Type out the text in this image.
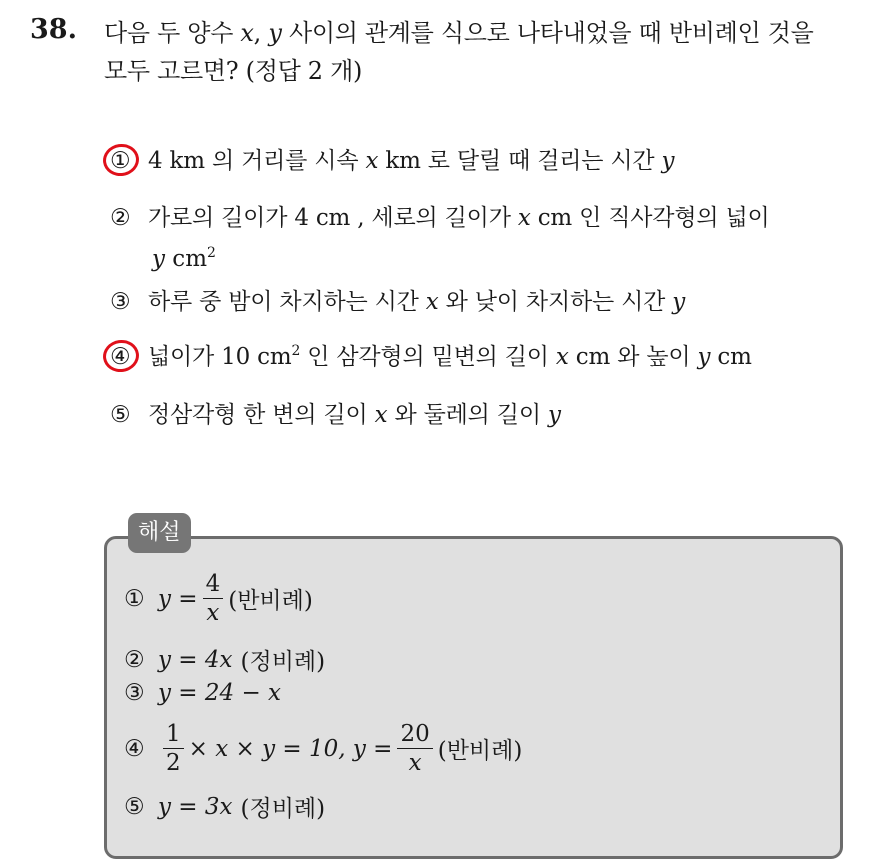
38. 다음 두 양수 x, y 사이의 관계를 식으로 나타내었을 때 반비례인 것을
모두 고르면? (정답 2 개)
① 4 km 의 거리를 시속 x km 로 달릴 때 걸리는 시간 y
② 가로의 길이가 4 cm , 세로의 길이가 x cm 인 직사각형의 넓이
y $cm^2$
③ 하루 중 밤이 차지하는 시간 x 와 낮이 차지하는 시간 y
④ 넓이가 10 $cm^2$ 인 삼각형의 밑변의 길이 x cm 와 높이 y cm
⑤ 정삼각형 한 변의 길이 x 와 둘레의 길이 y
해설
① $y = \frac{4}{x}$ (반비례)
② y = 4x (정비례)
③ y = 24 − x
④ $\frac{1}{2} \times x \times y = 10$, $y = \frac{20}{x}$ (반비례)
⑤ y = 3x (정비례)
